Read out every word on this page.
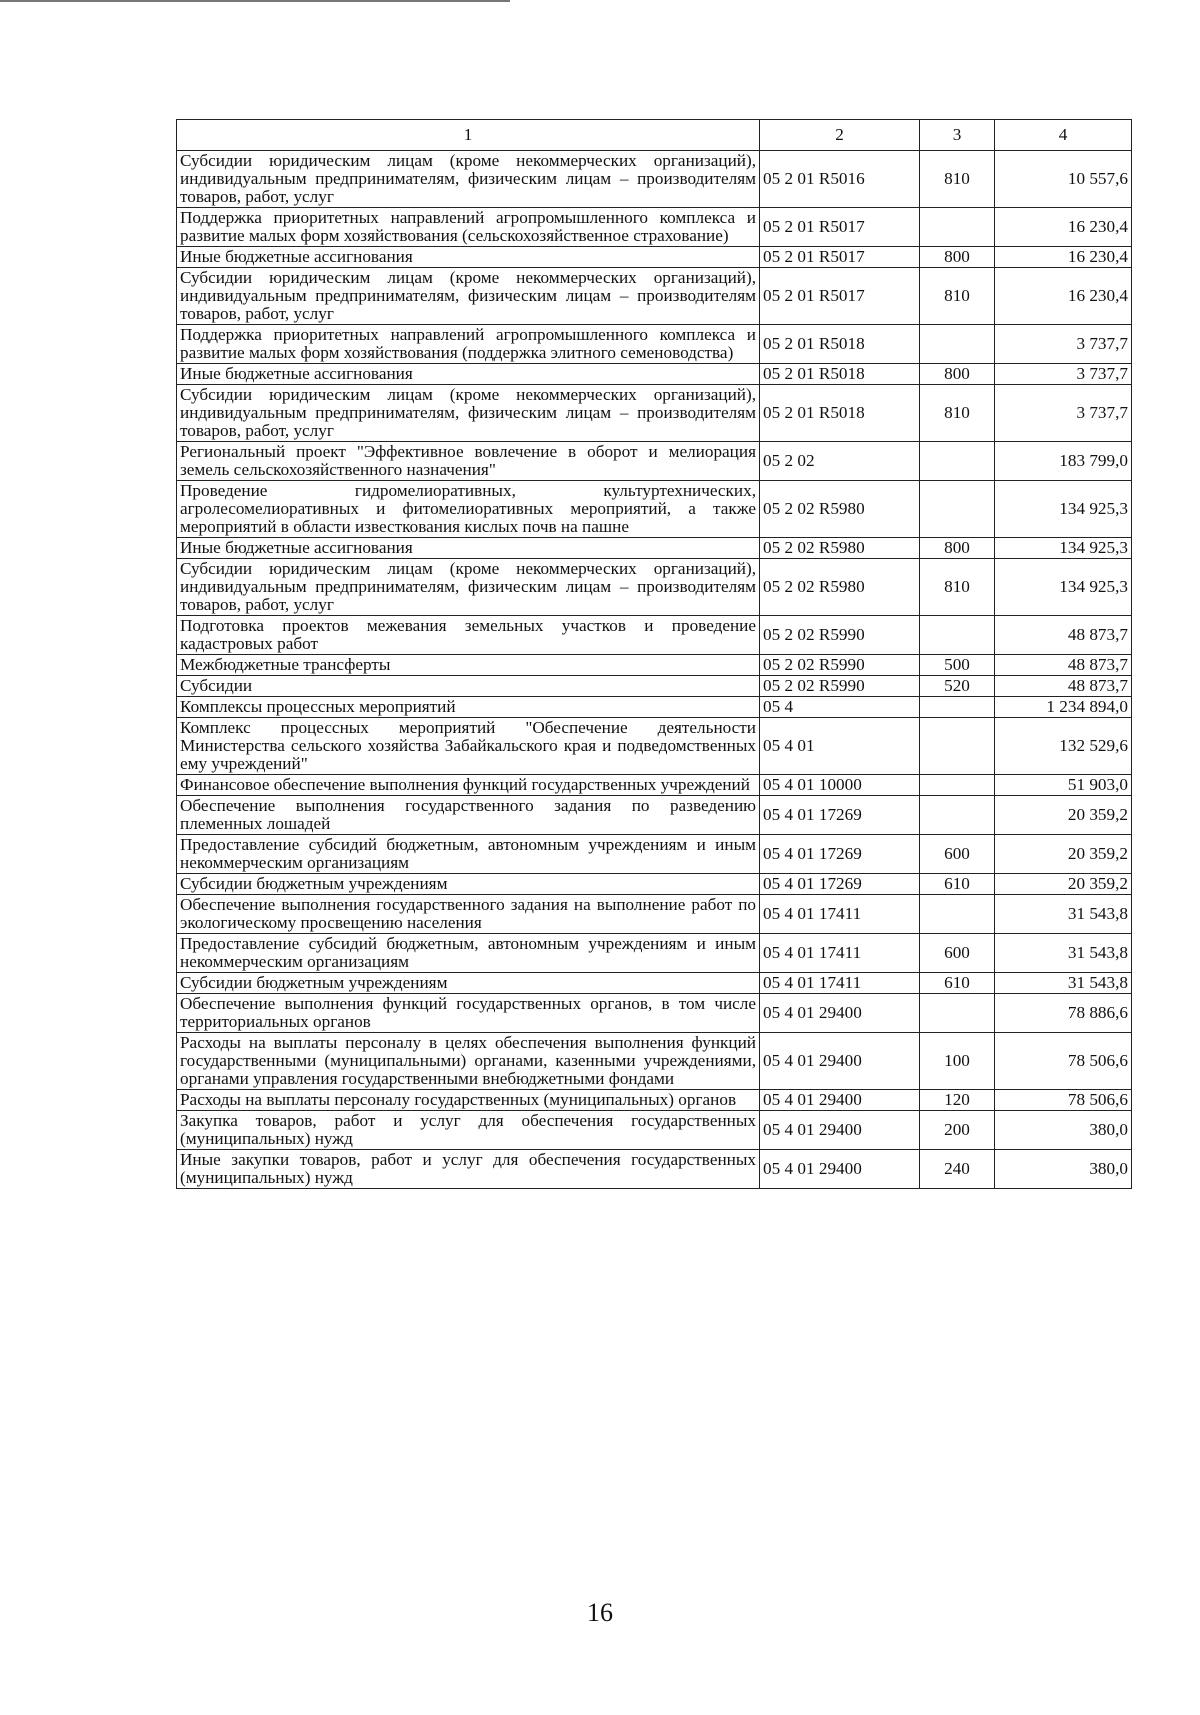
1	2	3	4
Субсидии юридическим лицам (кроме некоммерческих организаций), индивидуальным предпринимателям, физическим лицам – производителям товаров, работ, услуг	05 2 01 R5016	810	10 557,6
Поддержка приоритетных направлений агропромышленного комплекса и развитие малых форм хозяйствования (сельскохозяйственное страхование)	05 2 01 R5017		16 230,4
Иные бюджетные ассигнования	05 2 01 R5017	800	16 230,4
Субсидии юридическим лицам (кроме некоммерческих организаций), индивидуальным предпринимателям, физическим лицам – производителям товаров, работ, услуг	05 2 01 R5017	810	16 230,4
Поддержка приоритетных направлений агропромышленного комплекса и развитие малых форм хозяйствования (поддержка элитного семеноводства)	05 2 01 R5018		3 737,7
Иные бюджетные ассигнования	05 2 01 R5018	800	3 737,7
Субсидии юридическим лицам (кроме некоммерческих организаций), индивидуальным предпринимателям, физическим лицам – производителям товаров, работ, услуг	05 2 01 R5018	810	3 737,7
Региональный проект "Эффективное вовлечение в оборот и мелиорация земель сельскохозяйственного назначения"	05 2 02		183 799,0
Проведение гидромелиоративных, культуртехнических, агролесомелиоративных и фитомелиоративных мероприятий, а также мероприятий в области известкования кислых почв на пашне	05 2 02 R5980		134 925,3
Иные бюджетные ассигнования	05 2 02 R5980	800	134 925,3
Субсидии юридическим лицам (кроме некоммерческих организаций), индивидуальным предпринимателям, физическим лицам – производителям товаров, работ, услуг	05 2 02 R5980	810	134 925,3
Подготовка проектов межевания земельных участков и проведение кадастровых работ	05 2 02 R5990		48 873,7
Межбюджетные трансферты	05 2 02 R5990	500	48 873,7
Субсидии	05 2 02 R5990	520	48 873,7
Комплексы процессных мероприятий	05 4		1 234 894,0
Комплекс процессных мероприятий "Обеспечение деятельности Министерства сельского хозяйства Забайкальского края и подведомственных ему учреждений"	05 4 01		132 529,6
Финансовое обеспечение выполнения функций государственных учреждений	05 4 01 10000		51 903,0
Обеспечение выполнения государственного задания по разведению племенных лошадей	05 4 01 17269		20 359,2
Предоставление субсидий бюджетным, автономным учреждениям и иным некоммерческим организациям	05 4 01 17269	600	20 359,2
Субсидии бюджетным учреждениям	05 4 01 17269	610	20 359,2
Обеспечение выполнения государственного задания на выполнение работ по экологическому просвещению населения	05 4 01 17411		31 543,8
Предоставление субсидий бюджетным, автономным учреждениям и иным некоммерческим организациям	05 4 01 17411	600	31 543,8
Субсидии бюджетным учреждениям	05 4 01 17411	610	31 543,8
Обеспечение выполнения функций государственных органов, в том числе территориальных органов	05 4 01 29400		78 886,6
Расходы на выплаты персоналу в целях обеспечения выполнения функций государственными (муниципальными) органами, казенными учреждениями, органами управления государственными внебюджетными фондами	05 4 01 29400	100	78 506,6
Расходы на выплаты персоналу государственных (муниципальных) органов	05 4 01 29400	120	78 506,6
Закупка товаров, работ и услуг для обеспечения государственных (муниципальных) нужд	05 4 01 29400	200	380,0
Иные закупки товаров, работ и услуг для обеспечения государственных (муниципальных) нужд	05 4 01 29400	240	380,0
16
